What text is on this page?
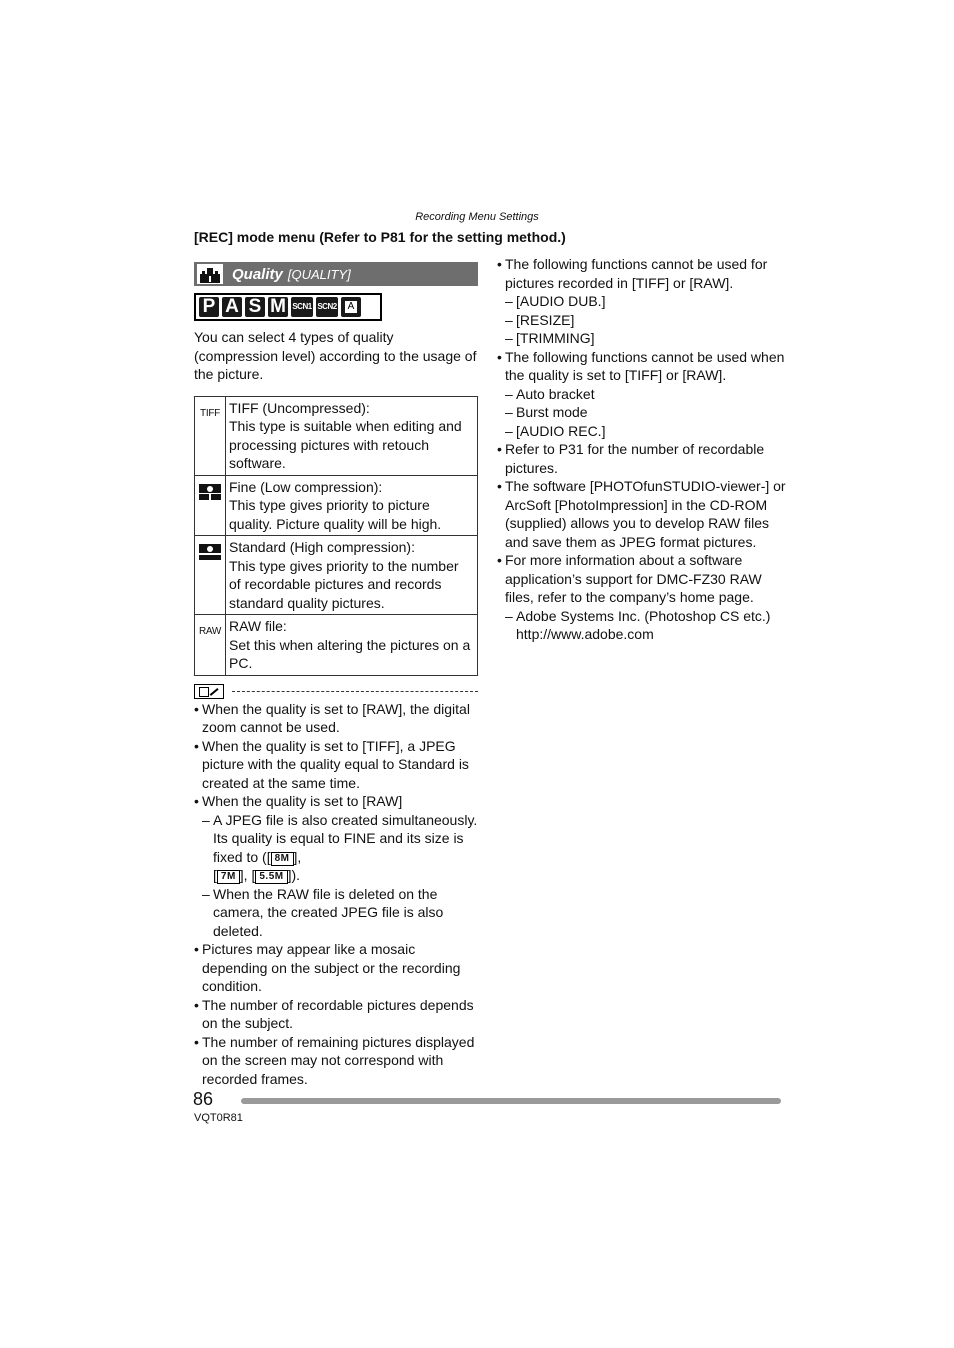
Recording Menu Settings
[REC] mode menu (Refer to P81 for the setting method.)
Quality [QUALITY]
P A S M SCN1 SCN2 A

You can select 4 types of quality (compression level) according to the usage of the picture.

TIFF	TIFF (Uncompressed):
This type is suitable when editing and processing pictures with retouch software.

	Fine (Low compression):
This type gives priority to picture quality. Picture quality will be high.

	Standard (High compression):
This type gives priority to the number of recordable pictures and records standard quality pictures.

RAW	RAW file:
Set this when altering the pictures on a PC.
• When the quality is set to [RAW], the digital zoom cannot be used.
• When the quality is set to [TIFF], a JPEG picture with the quality equal to Standard is created at the same time.
• When the quality is set to [RAW]
– A JPEG file is also created simultaneously. Its quality is equal to FINE and its size is fixed to ([ 8M ],
[ 7M ], [ 5.5M ]).
– When the RAW file is deleted on the camera, the created JPEG file is also deleted.
• Pictures may appear like a mosaic depending on the subject or the recording condition.
• The number of recordable pictures depends on the subject.
• The number of remaining pictures displayed on the screen may not correspond with recorded frames.
• The following functions cannot be used for pictures recorded in [TIFF] or [RAW].
– [AUDIO DUB.]
– [RESIZE]
– [TRIMMING]
• The following functions cannot be used when the quality is set to [TIFF] or [RAW].
– Auto bracket
– Burst mode
– [AUDIO REC.]
• Refer to P31 for the number of recordable pictures.
• The software [PHOTOfunSTUDIO-viewer-] or ArcSoft [PhotoImpression] in the CD-ROM (supplied) allows you to develop RAW files and save them as JPEG format pictures.
• For more information about a software application’s support for DMC-FZ30 RAW files, refer to the company’s home page.
– Adobe Systems Inc. (Photoshop CS etc.) http://www.adobe.com
86
VQT0R81
